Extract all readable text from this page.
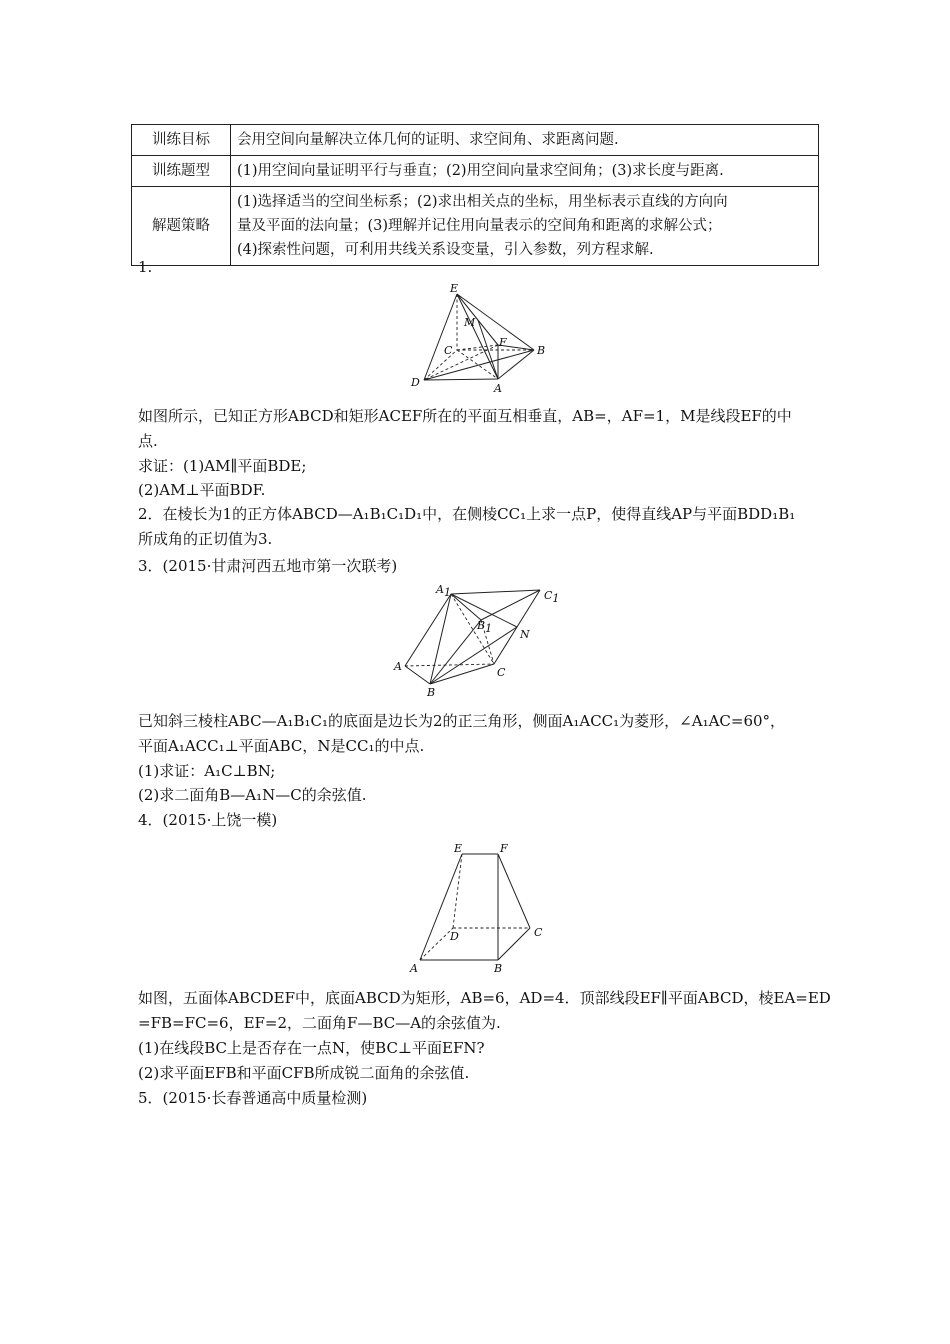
训练目标	会用空间向量解决立体几何的证明、求空间角、求距离问题.
训练题型	(1)用空间向量证明平行与垂直；(2)用空间向量求空间角；(3)求长度与距离.
解题策略	(1)选择适当的空间坐标系；(2)求出相关点的坐标，用坐标表示直线的方向向
量及平面的法向量；(3)理解并记住用向量表示的空间角和距离的求解公式；
(4)探索性问题，可利用共线关系设变量，引入参数，列方程求解.
1.
E
M
C
F
B
D	A
如图所示，已知正方形ABCD和矩形ACEF所在的平面互相垂直，AB=，AF=1，M是线段EF的中
点.
求证：(1)AM∥平面BDE;
(2)AM⊥平面BDF.
2．在棱长为1的正方体ABCD—A₁B₁C₁D₁中，在侧棱CC₁上求一点P，使得直线AP与平面BDD₁B₁
所成角的正切值为3.
3．(2015·甘肃河西五地市第一次联考)
A1	C1
B1	N
A	C
B
已知斜三棱柱ABC—A₁B₁C₁的底面是边长为2的正三角形，侧面A₁ACC₁为菱形，∠A₁AC=60°，
平面A₁ACC₁⊥平面ABC，N是CC₁的中点.
(1)求证：A₁C⊥BN;
(2)求二面角B—A₁N—C的余弦值.
4．(2015·上饶一模)
E	F
D	C
A	B
如图，五面体ABCDEF中，底面ABCD为矩形，AB=6，AD=4．顶部线段EF∥平面ABCD，棱EA=ED
=FB=FC=6，EF=2，二面角F—BC—A的余弦值为.
(1)在线段BC上是否存在一点N，使BC⊥平面EFN?
(2)求平面EFB和平面CFB所成锐二面角的余弦值.
5．(2015·长春普通高中质量检测)
